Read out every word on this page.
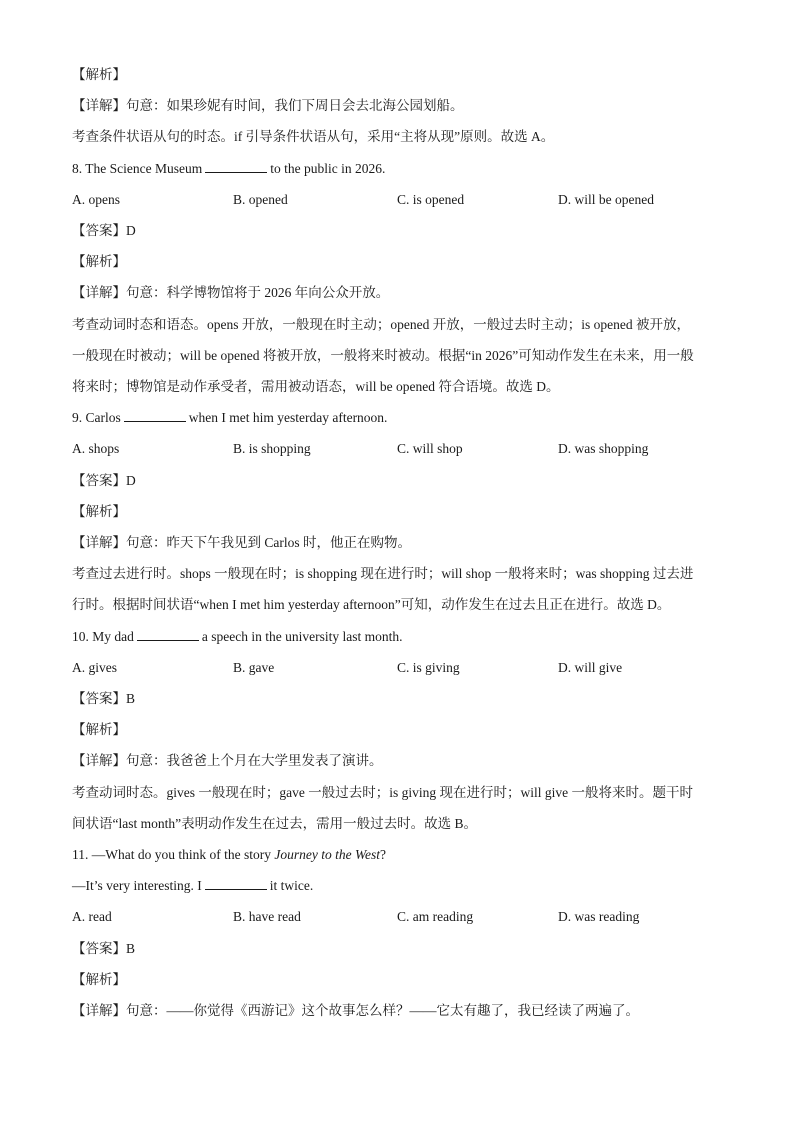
【解析】
【详解】句意：如果珍妮有时间，我们下周日会去北海公园划船。
考查条件状语从句的时态。if 引导条件状语从句，采用“主将从现”原则。故选 A。
8. The Science Museum	to the public in 2026.
A. opens	B. opened	C. is opened	D. will be opened
【答案】D
【解析】
【详解】句意：科学博物馆将于 2026 年向公众开放。
考查动词时态和语态。opens 开放，一般现在时主动；opened 开放，一般过去时主动；is opened 被开放，
一般现在时被动；will be opened 将被开放，一般将来时被动。根据“in 2026”可知动作发生在未来，用一般
将来时；博物馆是动作承受者，需用被动语态，will be opened 符合语境。故选 D。
9. Carlos	when I met him yesterday afternoon.
A. shops	B. is shopping	C. will shop	D. was shopping
【答案】D
【解析】
【详解】句意：昨天下午我见到 Carlos 时，他正在购物。
考查过去进行时。shops 一般现在时；is shopping 现在进行时；will shop 一般将来时；was shopping 过去进
行时。根据时间状语“when I met him yesterday afternoon”可知，动作发生在过去且正在进行。故选 D。
10. My dad	a speech in the university last month.
A. gives	B. gave	C. is giving	D. will give
【答案】B
【解析】
【详解】句意：我爸爸上个月在大学里发表了演讲。
考查动词时态。gives 一般现在时；gave 一般过去时；is giving 现在进行时；will give 一般将来时。题干时
间状语“last month”表明动作发生在过去，需用一般过去时。故选 B。
11. —What do you think of the story Journey to the West?
—It’s very interesting. I	it twice.
A. read	B. have read	C. am reading	D. was reading
【答案】B
【解析】
【详解】句意：——你觉得《西游记》这个故事怎么样？——它太有趣了，我已经读了两遍了。
